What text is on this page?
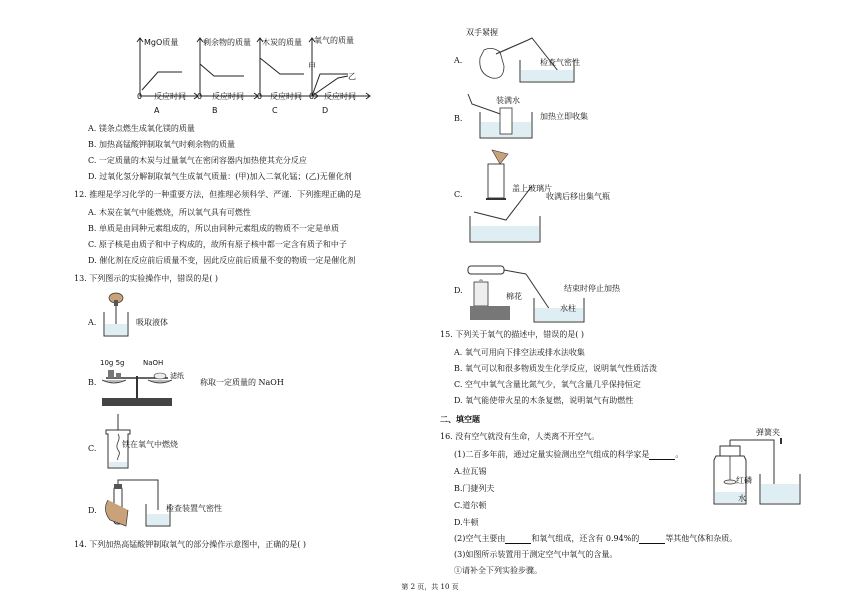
MgO质量
0 反应时间
A
剩余物的质量
0 反应时间
B
木炭的质量
0 反应时间
C
氧气的质量
0 反应时间
D
甲
乙
A. 镁条点燃生成氧化镁的质量
B. 加热高锰酸钾制取氧气时剩余物的质量
C. 一定质量的木炭与过量氧气在密闭容器内加热使其充分反应
D. 过氧化氢分解制取氧气生成氧气质量：(甲)加入二氧化锰；(乙)无催化剂
12. 推理是学习化学的一种重要方法，但推理必须科学、严谨．下列推理正确的是
A. 木炭在氧气中能燃烧，所以氧气具有可燃性
B. 单质是由同种元素组成的，所以由同种元素组成的物质不一定是单质
C. 原子核是由质子和中子构成的，故所有原子核中都一定含有质子和中子
D. 催化剂在反应前后质量不变，因此反应前后质量不变的物质一定是催化剂
13. 下列图示的实验操作中，错误的是( )
A.	吸取液体
B.
10g 5g	NaOH
滤纸
称取一定质量的 NaOH
C.	铁在氧气中燃烧
D.	检查装置气密性
14. 下列加热高锰酸钾制取氧气的部分操作示意图中，正确的是( )
A.
双手紧握
检查气密性
B.
装满水
加热立即收集
C.
盖上玻璃片
收满后移出集气瓶
D.
棉花
水柱
结束时停止加热
15. 下列关于氧气的描述中，错误的是( )
A. 氧气可用向下排空法或排水法收集
B. 氧气可以和很多物质发生化学反应，说明氧气性质活泼
C. 空气中氧气含量比氮气少，氧气含量几乎保持恒定
D. 氧气能使带火星的木条复燃，说明氧气有助燃性
二、填空题
16. 没有空气就没有生命，人类离不开空气。
(1)二百多年前，通过定量实验测出空气组成的科学家是	。
A.拉瓦锡
B.门捷列夫
C.道尔顿
D.牛顿
(2)空气主要由	和氧气组成，还含有 0.94%的	等其他气体和杂质。
(3)如图所示装置用于测定空气中氧气的含量。
①请补全下列实验步骤。
弹簧夹
红磷
水
第 2 页，共 10 页
